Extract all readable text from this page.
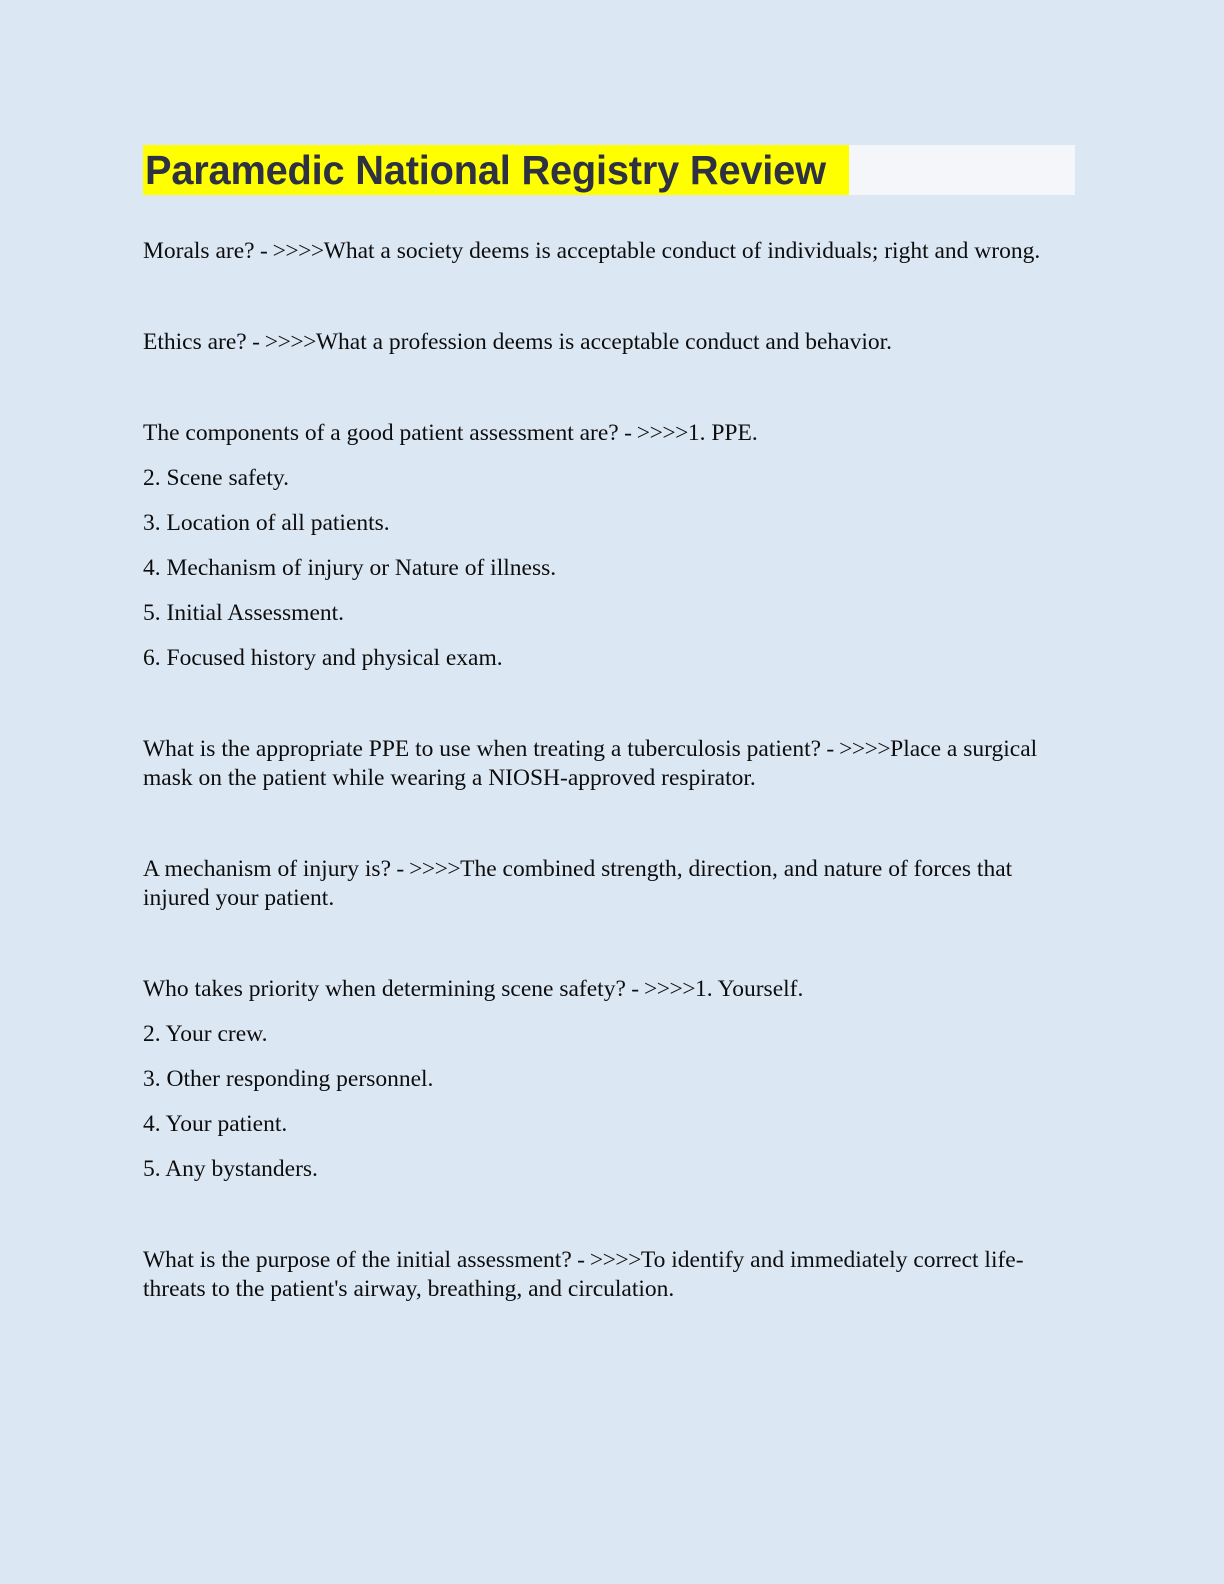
Paramedic National Registry Review
Morals are? - >>>>What a society deems is acceptable conduct of individuals; right and wrong.
Ethics are? - >>>>What a profession deems is acceptable conduct and behavior.
The components of a good patient assessment are? - >>>>1. PPE.
2. Scene safety.
3. Location of all patients.
4. Mechanism of injury or Nature of illness.
5. Initial Assessment.
6. Focused history and physical exam.
What is the appropriate PPE to use when treating a tuberculosis patient? - >>>>Place a surgical mask on the patient while wearing a NIOSH-approved respirator.
A mechanism of injury is? - >>>>The combined strength, direction, and nature of forces that injured your patient.
Who takes priority when determining scene safety? - >>>>1. Yourself.
2. Your crew.
3. Other responding personnel.
4. Your patient.
5. Any bystanders.
What is the purpose of the initial assessment? - >>>>To identify and immediately correct life-threats to the patient's airway, breathing, and circulation.
